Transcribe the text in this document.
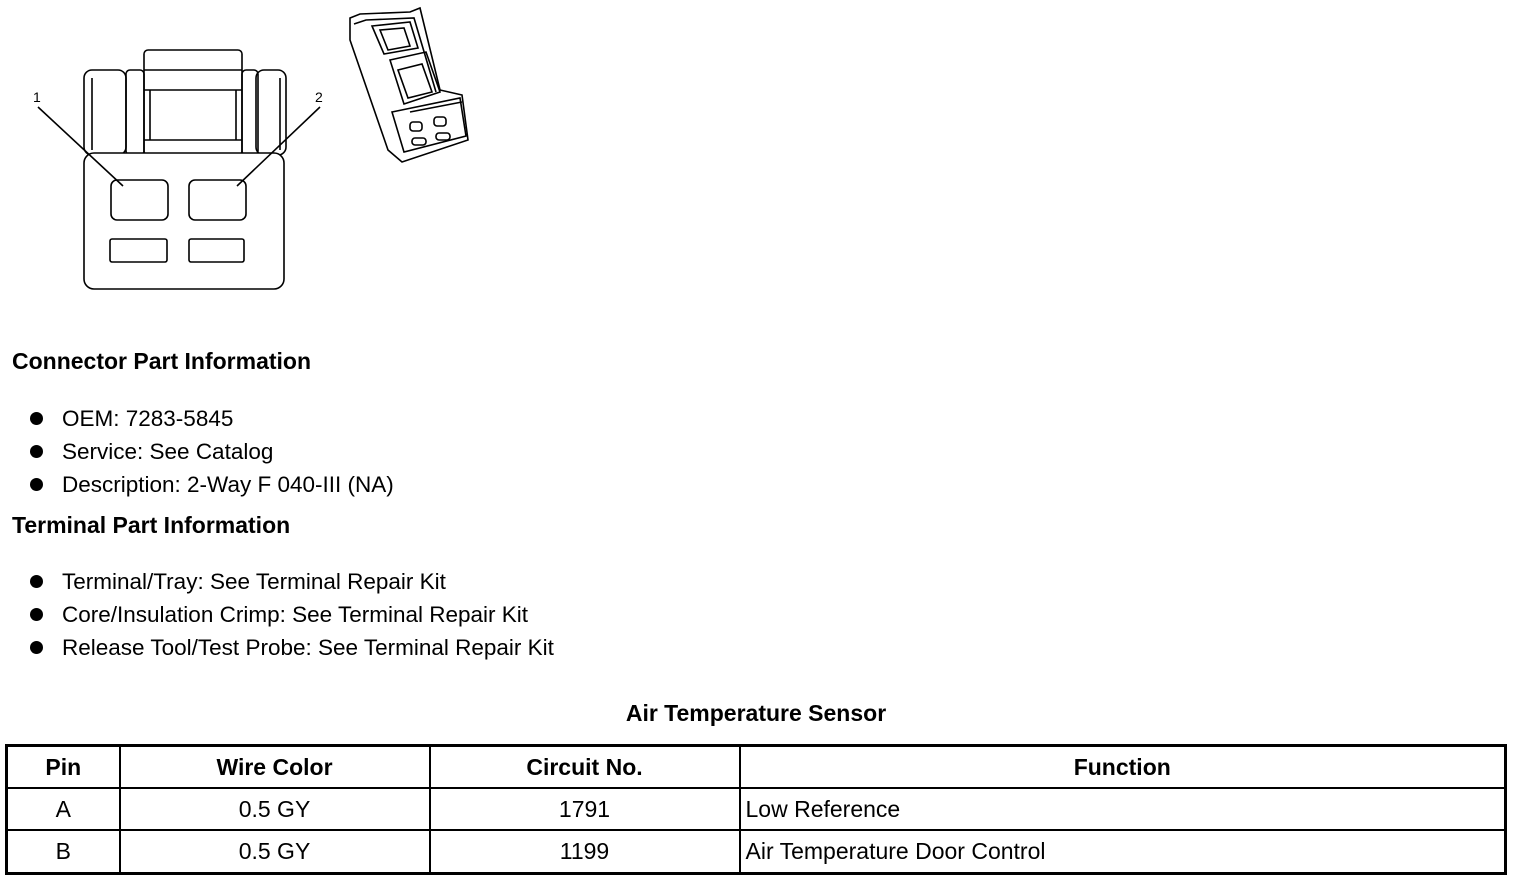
1	2
Connector Part Information
OEM: 7283-5845
Service: See Catalog
Description: 2-Way F 040-III (NA)
Terminal Part Information
Terminal/Tray: See Terminal Repair Kit
Core/Insulation Crimp: See Terminal Repair Kit
Release Tool/Test Probe: See Terminal Repair Kit
Air Temperature Sensor
Pin	Wire Color	Circuit No.	Function
A	0.5 GY	1791	Low Reference
B	0.5 GY	1199	Air Temperature Door Control
